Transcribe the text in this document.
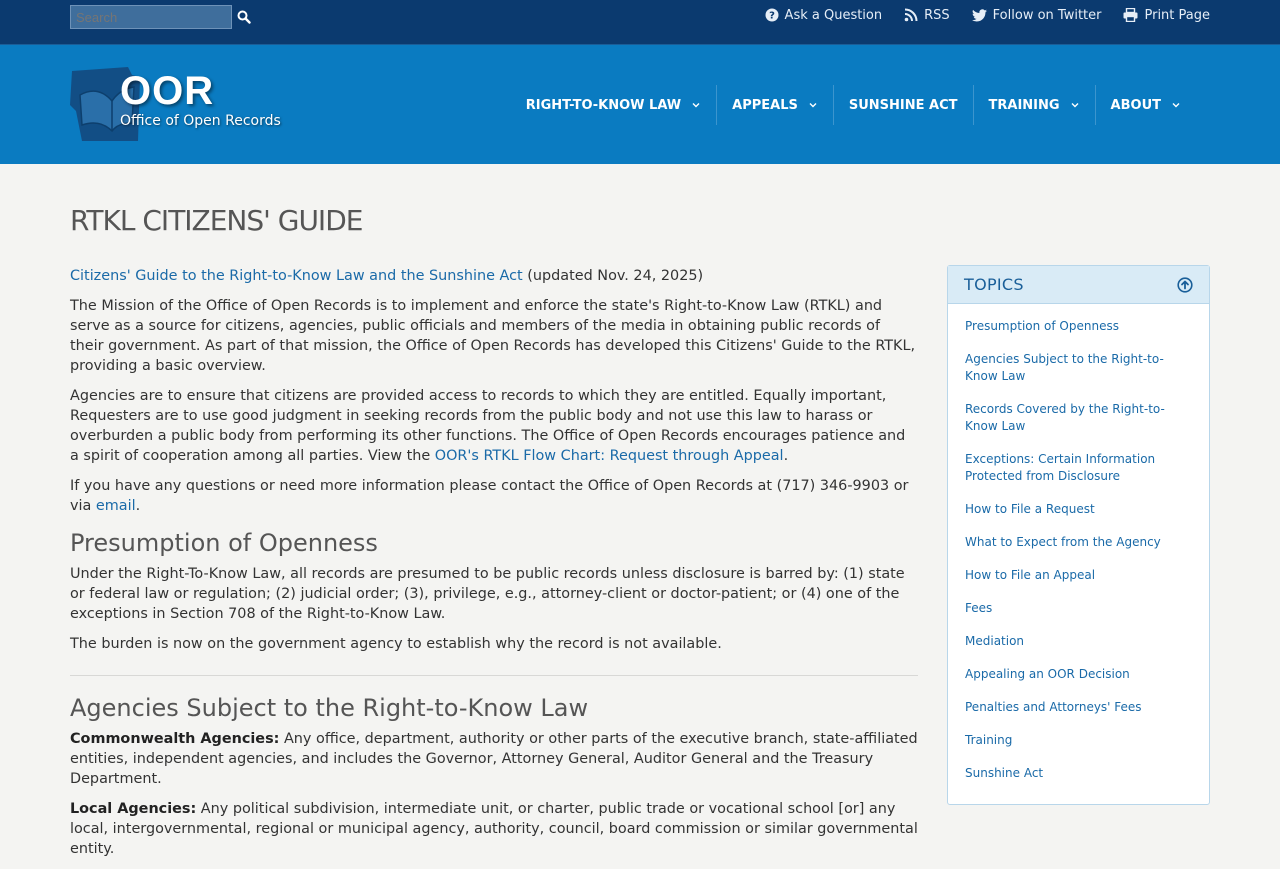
Search
? Ask a Question	RSS	Follow on Twitter	Print Page
OOR
Office of Open Records
RIGHT-TO-KNOW LAW	APPEALS	SUNSHINE ACT TRAINING	ABOUT
RTKL CITIZENS' GUIDE

Citizens' Guide to the Right-to-Know Law and the Sunshine Act (updated Nov. 24, 2025)

The Mission of the Office of Open Records is to implement and enforce the state's Right-to-Know Law (RTKL) and serve as a source for citizens, agencies, public officials and members of the media in obtaining public records of their government. As part of that mission, the Office of Open Records has developed this Citizens' Guide to the RTKL, providing a basic overview.

Agencies are to ensure that citizens are provided access to records to which they are entitled. Equally important, Requesters are to use good judgment in seeking records from the public body and not use this law to harass or overburden a public body from performing its other functions. The Office of Open Records encourages patience and a spirit of cooperation among all parties. View the OOR's RTKL Flow Chart: Request through Appeal.

If you have any questions or need more information please contact the Office of Open Records at (717) 346-9903 or via email.

Presumption of Openness

Under the Right-To-Know Law, all records are presumed to be public records unless disclosure is barred by: (1) state or federal law or regulation; (2) judicial order; (3), privilege, e.g., attorney-client or doctor-patient; or (4) one of the exceptions in Section 708 of the Right-to-Know Law.

The burden is now on the government agency to establish why the record is not available.

Agencies Subject to the Right-to-Know Law

Commonwealth Agencies: Any office, department, authority or other parts of the executive branch, state-affiliated entities, independent agencies, and includes the Governor, Attorney General, Auditor General and the Treasury Department.

Local Agencies: Any political subdivision, intermediate unit, or charter, public trade or vocational school [or] any local, intergovernmental, regional or municipal agency, authority, council, board commission or similar governmental entity.

TOPICS
Presumption of Openness
Agencies Subject to the Right-to-Know Law
Records Covered by the Right-to-Know Law
Exceptions: Certain Information Protected from Disclosure
How to File a Request
What to Expect from the Agency
How to File an Appeal
Fees
Mediation
Appealing an OOR Decision
Penalties and Attorneys' Fees
Training
Sunshine Act
